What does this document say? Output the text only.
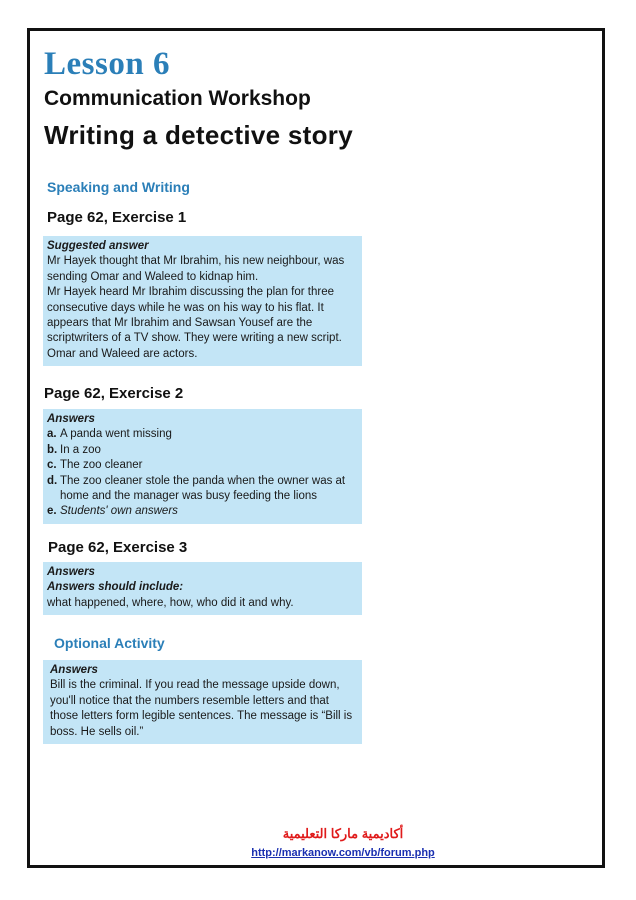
Lesson 6
Communication Workshop
Writing a detective story
Speaking and Writing
Page 62, Exercise 1
Suggested answer

Mr Hayek thought that Mr Ibrahim, his new neighbour, was sending Omar and Waleed to kidnap him.

Mr Hayek heard Mr Ibrahim discussing the plan for three consecutive days while he was on his way to his flat. It appears that Mr Ibrahim and Sawsan Yousef are the scriptwriters of a TV show. They were writing a new script. Omar and Waleed are actors.

Page 62, Exercise 2
Answers
a. A panda went missing
b. In a zoo
c. The zoo cleaner
d. The zoo cleaner stole the panda when the owner was at home and the manager was busy feeding the lions
e. Students' own answers
Page 62, Exercise 3
Answers
Answers should include:

what happened, where, how, who did it and why.

Optional Activity
Answers

Bill is the criminal. If you read the message upside down, you'll notice that the numbers resemble letters and that those letters form legible sentences. The message is “Bill is boss. He sells oil.”

أكاديمية ماركا التعليمية
http://markanow.com/vb/forum.php
